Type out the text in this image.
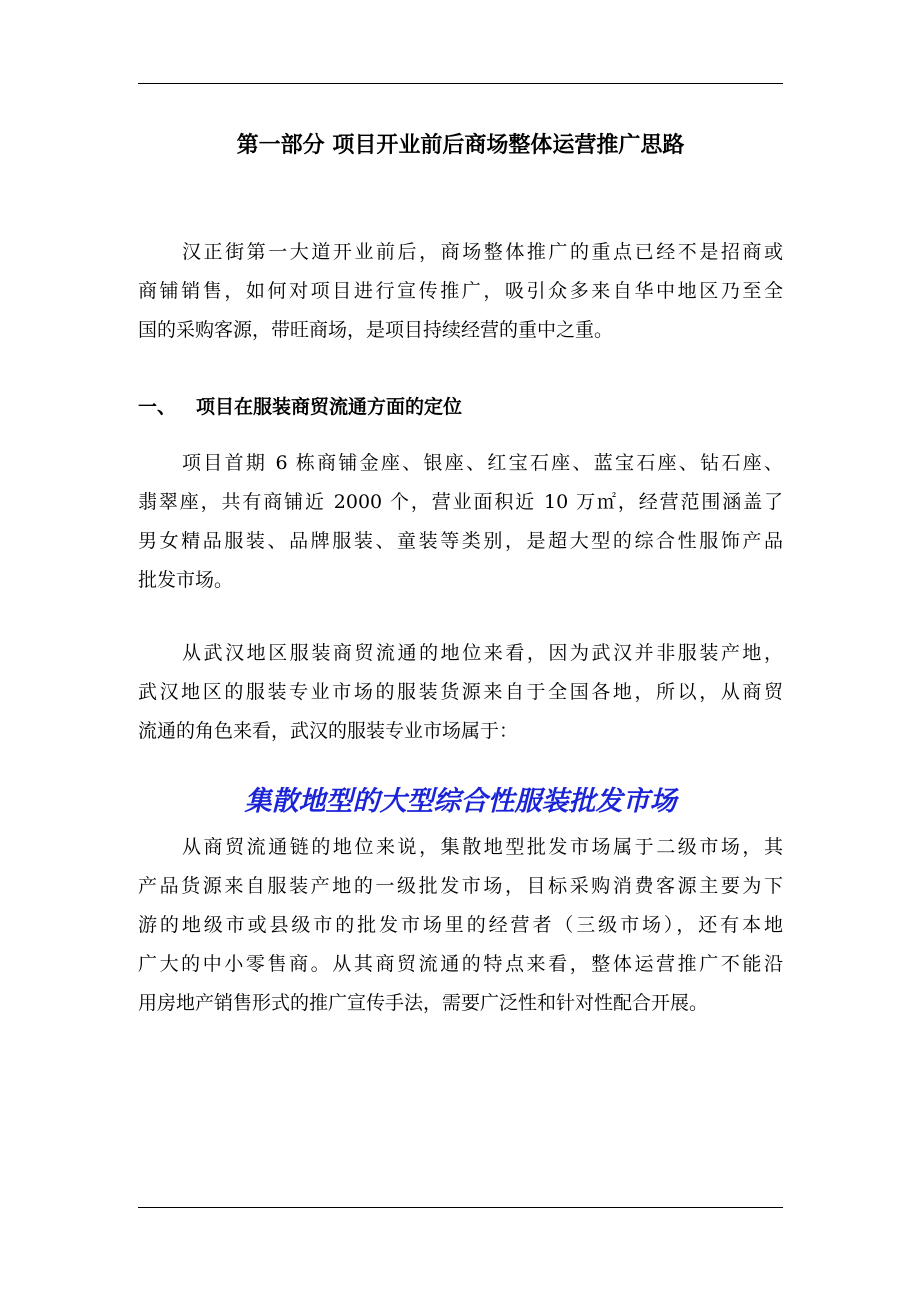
第一部分 项目开业前后商场整体运营推广思路
汉正街第一大道开业前后，商场整体推广的重点已经不是招商或
商铺销售，如何对项目进行宣传推广，吸引众多来自华中地区乃至全
国的采购客源，带旺商场，是项目持续经营的重中之重。
一、 项目在服装商贸流通方面的定位
项目首期 6 栋商铺金座、银座、红宝石座、蓝宝石座、钻石座、
翡翠座，共有商铺近 2000 个，营业面积近 10 万㎡，经营范围涵盖了
男女精品服装、品牌服装、童装等类别，是超大型的综合性服饰产品
批发市场。
从武汉地区服装商贸流通的地位来看，因为武汉并非服装产地，
武汉地区的服装专业市场的服装货源来自于全国各地，所以，从商贸
流通的角色来看，武汉的服装专业市场属于：
集散地型的大型综合性服装批发市场
从商贸流通链的地位来说，集散地型批发市场属于二级市场，其
产品货源来自服装产地的一级批发市场，目标采购消费客源主要为下
游的地级市或县级市的批发市场里的经营者（三级市场），还有本地
广大的中小零售商。从其商贸流通的特点来看，整体运营推广不能沿
用房地产销售形式的推广宣传手法，需要广泛性和针对性配合开展。
